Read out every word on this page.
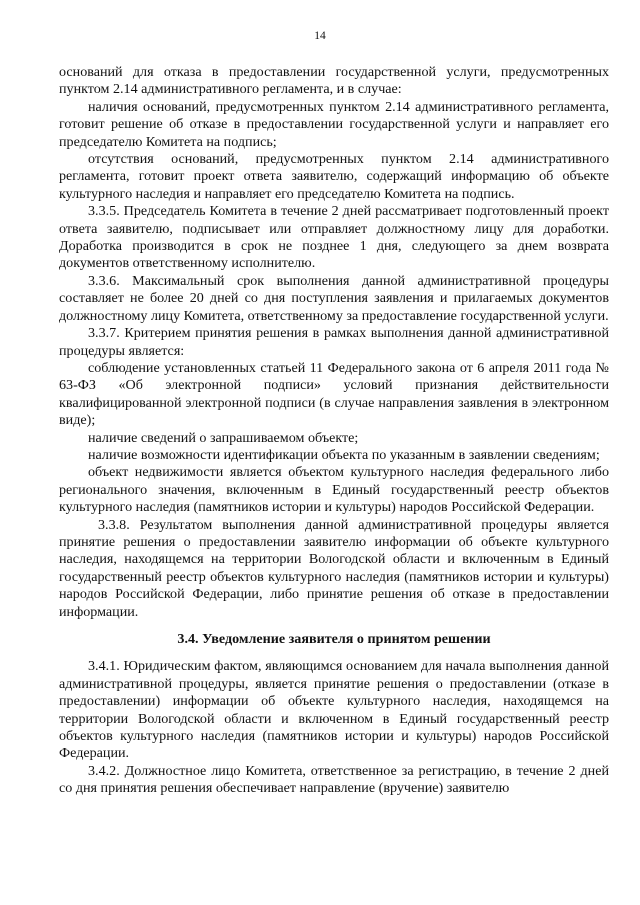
14

оснований для отказа в предоставлении государственной услуги, предусмотренных пунктом 2.14 административного регламента, и в случае:

наличия оснований, предусмотренных пунктом 2.14 административного регламента, готовит решение об отказе в предоставлении государственной услуги и направляет его председателю Комитета на подпись;

отсутствия оснований, предусмотренных пунктом 2.14 административного регламента, готовит проект ответа заявителю, содержащий информацию об объекте культурного наследия и направляет его председателю Комитета на подпись.

3.3.5. Председатель Комитета в течение 2 дней рассматривает подготовленный проект ответа заявителю, подписывает или отправляет должностному лицу для доработки. Доработка производится в срок не позднее 1 дня, следующего за днем возврата документов ответственному исполнителю.

3.3.6. Максимальный срок выполнения данной административной процедуры составляет не более 20 дней со дня поступления заявления и прилагаемых документов должностному лицу Комитета, ответственному за предоставление государственной услуги.

3.3.7. Критерием принятия решения в рамках выполнения данной административной процедуры является:

соблюдение установленных статьей 11 Федерального закона от 6 апреля 2011 года № 63-ФЗ «Об электронной подписи» условий признания действительности квалифицированной электронной подписи (в случае направления заявления в электронном виде);

наличие сведений о запрашиваемом объекте;

наличие возможности идентификации объекта по указанным в заявлении сведениям;

объект недвижимости является объектом культурного наследия федерального либо регионального значения, включенным в Единый государственный реестр объектов культурного наследия (памятников истории и культуры) народов Российской Федерации.

3.3.8. Результатом выполнения данной административной процедуры является принятие решения о предоставлении заявителю информации об объекте культурного наследия, находящемся на территории Вологодской области и включенным в Единый государственный реестр объектов культурного наследия (памятников истории и культуры) народов Российской Федерации, либо принятие решения об отказе в предоставлении информации.

3.4. Уведомление заявителя о принятом решении

3.4.1. Юридическим фактом, являющимся основанием для начала выполнения данной административной процедуры, является принятие решения о предоставлении (отказе в предоставлении) информации об объекте культурного наследия, находящемся на территории Вологодской области и включенном в Единый государственный реестр объектов культурного наследия (памятников истории и культуры) народов Российской Федерации.

3.4.2. Должностное лицо Комитета, ответственное за регистрацию, в течение 2 дней со дня принятия решения обеспечивает направление (вручение) заявителю
